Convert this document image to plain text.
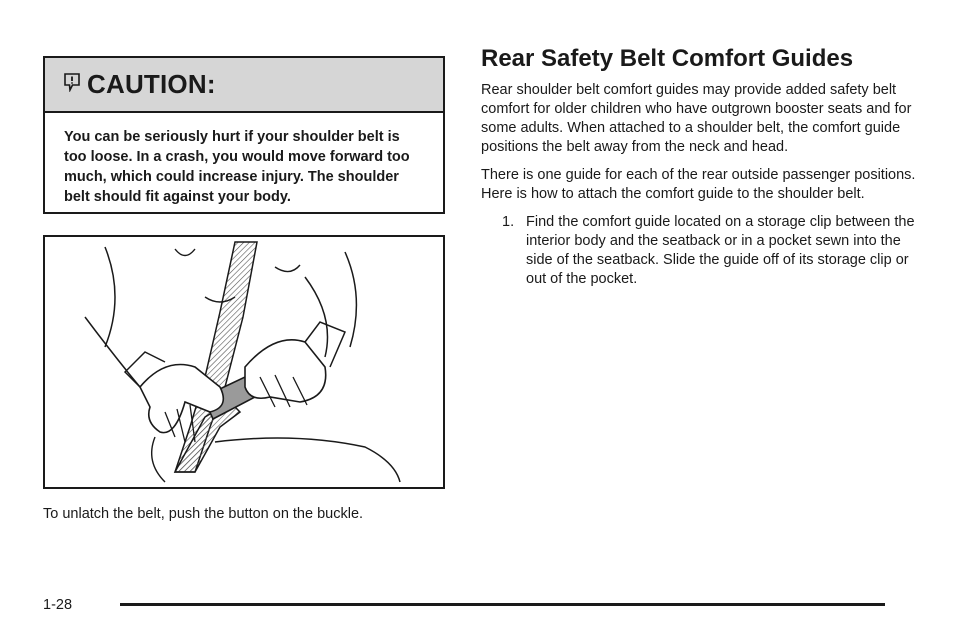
CAUTION:
You can be seriously hurt if your shoulder belt is too loose. In a crash, you would move forward too much, which could increase injury. The shoulder belt should fit against your body.
To unlatch the belt, push the button on the buckle.
Rear Safety Belt Comfort Guides

Rear shoulder belt comfort guides may provide added safety belt comfort for older children who have outgrown booster seats and for some adults. When attached to a shoulder belt, the comfort guide positions the belt away from the neck and head.

There is one guide for each of the rear outside passenger positions. Here is how to attach the comfort guide to the shoulder belt.

1. Find the comfort guide located on a storage clip between the interior body and the seatback or in a pocket sewn into the side of the seatback. Slide the guide off of its storage clip or out of the pocket.
1-28
